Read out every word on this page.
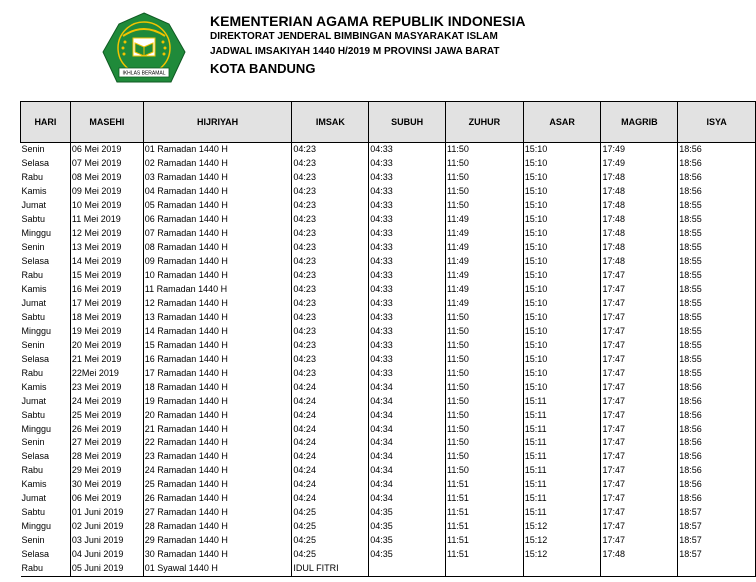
IKHLAS BERAMAL
KEMENTERIAN AGAMA REPUBLIK INDONESIA
DIREKTORAT JENDERAL BIMBINGAN MASYARAKAT ISLAM
JADWAL IMSAKIYAH 1440 H/2019 M PROVINSI JAWA BARAT
KOTA BANDUNG
HARI	MASEHI	HIJRIYAH	IMSAK	SUBUH	ZUHUR	ASAR	MAGRIB	ISYA
Senin	06 Mei 2019	01 Ramadan 1440 H	04:23	04:33	11:50	15:10	17:49	18:56
Selasa	07 Mei 2019	02 Ramadan 1440 H	04:23	04:33	11:50	15:10	17:49	18:56
Rabu	08 Mei 2019	03 Ramadan 1440 H	04:23	04:33	11:50	15:10	17:48	18:56
Kamis	09 Mei 2019	04 Ramadan 1440 H	04:23	04:33	11:50	15:10	17:48	18:56
Jumat	10 Mei 2019	05 Ramadan 1440 H	04:23	04:33	11:50	15:10	17:48	18:55
Sabtu	11 Mei 2019	06 Ramadan 1440 H	04:23	04:33	11:49	15:10	17:48	18:55
Minggu	12 Mei 2019	07 Ramadan 1440 H	04:23	04:33	11:49	15:10	17:48	18:55
Senin	13 Mei 2019	08 Ramadan 1440 H	04:23	04:33	11:49	15:10	17:48	18:55
Selasa	14 Mei 2019	09 Ramadan 1440 H	04:23	04:33	11:49	15:10	17:48	18:55
Rabu	15 Mei 2019	10 Ramadan 1440 H	04:23	04:33	11:49	15:10	17:47	18:55
Kamis	16 Mei 2019	11 Ramadan 1440 H	04:23	04:33	11:49	15:10	17:47	18:55
Jumat	17 Mei 2019	12 Ramadan 1440 H	04:23	04:33	11:49	15:10	17:47	18:55
Sabtu	18 Mei 2019	13 Ramadan 1440 H	04:23	04:33	11:50	15:10	17:47	18:55
Minggu	19 Mei 2019	14 Ramadan 1440 H	04:23	04:33	11:50	15:10	17:47	18:55
Senin	20 Mei 2019	15 Ramadan 1440 H	04:23	04:33	11:50	15:10	17:47	18:55
Selasa	21 Mei 2019	16 Ramadan 1440 H	04:23	04:33	11:50	15:10	17:47	18:55
Rabu	22Mei 2019	17 Ramadan 1440 H	04:23	04:33	11:50	15:10	17:47	18:55
Kamis	23 Mei 2019	18 Ramadan 1440 H	04:24	04:34	11:50	15:10	17:47	18:56
Jumat	24 Mei 2019	19 Ramadan 1440 H	04:24	04:34	11:50	15:11	17:47	18:56
Sabtu	25 Mei 2019	20 Ramadan 1440 H	04:24	04:34	11:50	15:11	17:47	18:56
Minggu	26 Mei 2019	21 Ramadan 1440 H	04:24	04:34	11:50	15:11	17:47	18:56
Senin	27 Mei 2019	22 Ramadan 1440 H	04:24	04:34	11:50	15:11	17:47	18:56
Selasa	28 Mei 2019	23 Ramadan 1440 H	04:24	04:34	11:50	15:11	17:47	18:56
Rabu	29 Mei 2019	24 Ramadan 1440 H	04:24	04:34	11:50	15:11	17:47	18:56
Kamis	30 Mei 2019	25 Ramadan 1440 H	04:24	04:34	11:51	15:11	17:47	18:56
Jumat	06 Mei 2019	26 Ramadan 1440 H	04:24	04:34	11:51	15:11	17:47	18:56
Sabtu	01 Juni 2019	27 Ramadan 1440 H	04:25	04:35	11:51	15:11	17:47	18:57
Minggu	02 Juni 2019	28 Ramadan 1440 H	04:25	04:35	11:51	15:12	17:47	18:57
Senin	03 Juni 2019	29 Ramadan 1440 H	04:25	04:35	11:51	15:12	17:47	18:57
Selasa	04 Juni 2019	30 Ramadan 1440 H	04:25	04:35	11:51	15:12	17:48	18:57
Rabu	05 Juni 2019	01 Syawal 1440 H	IDUL FITRI					
